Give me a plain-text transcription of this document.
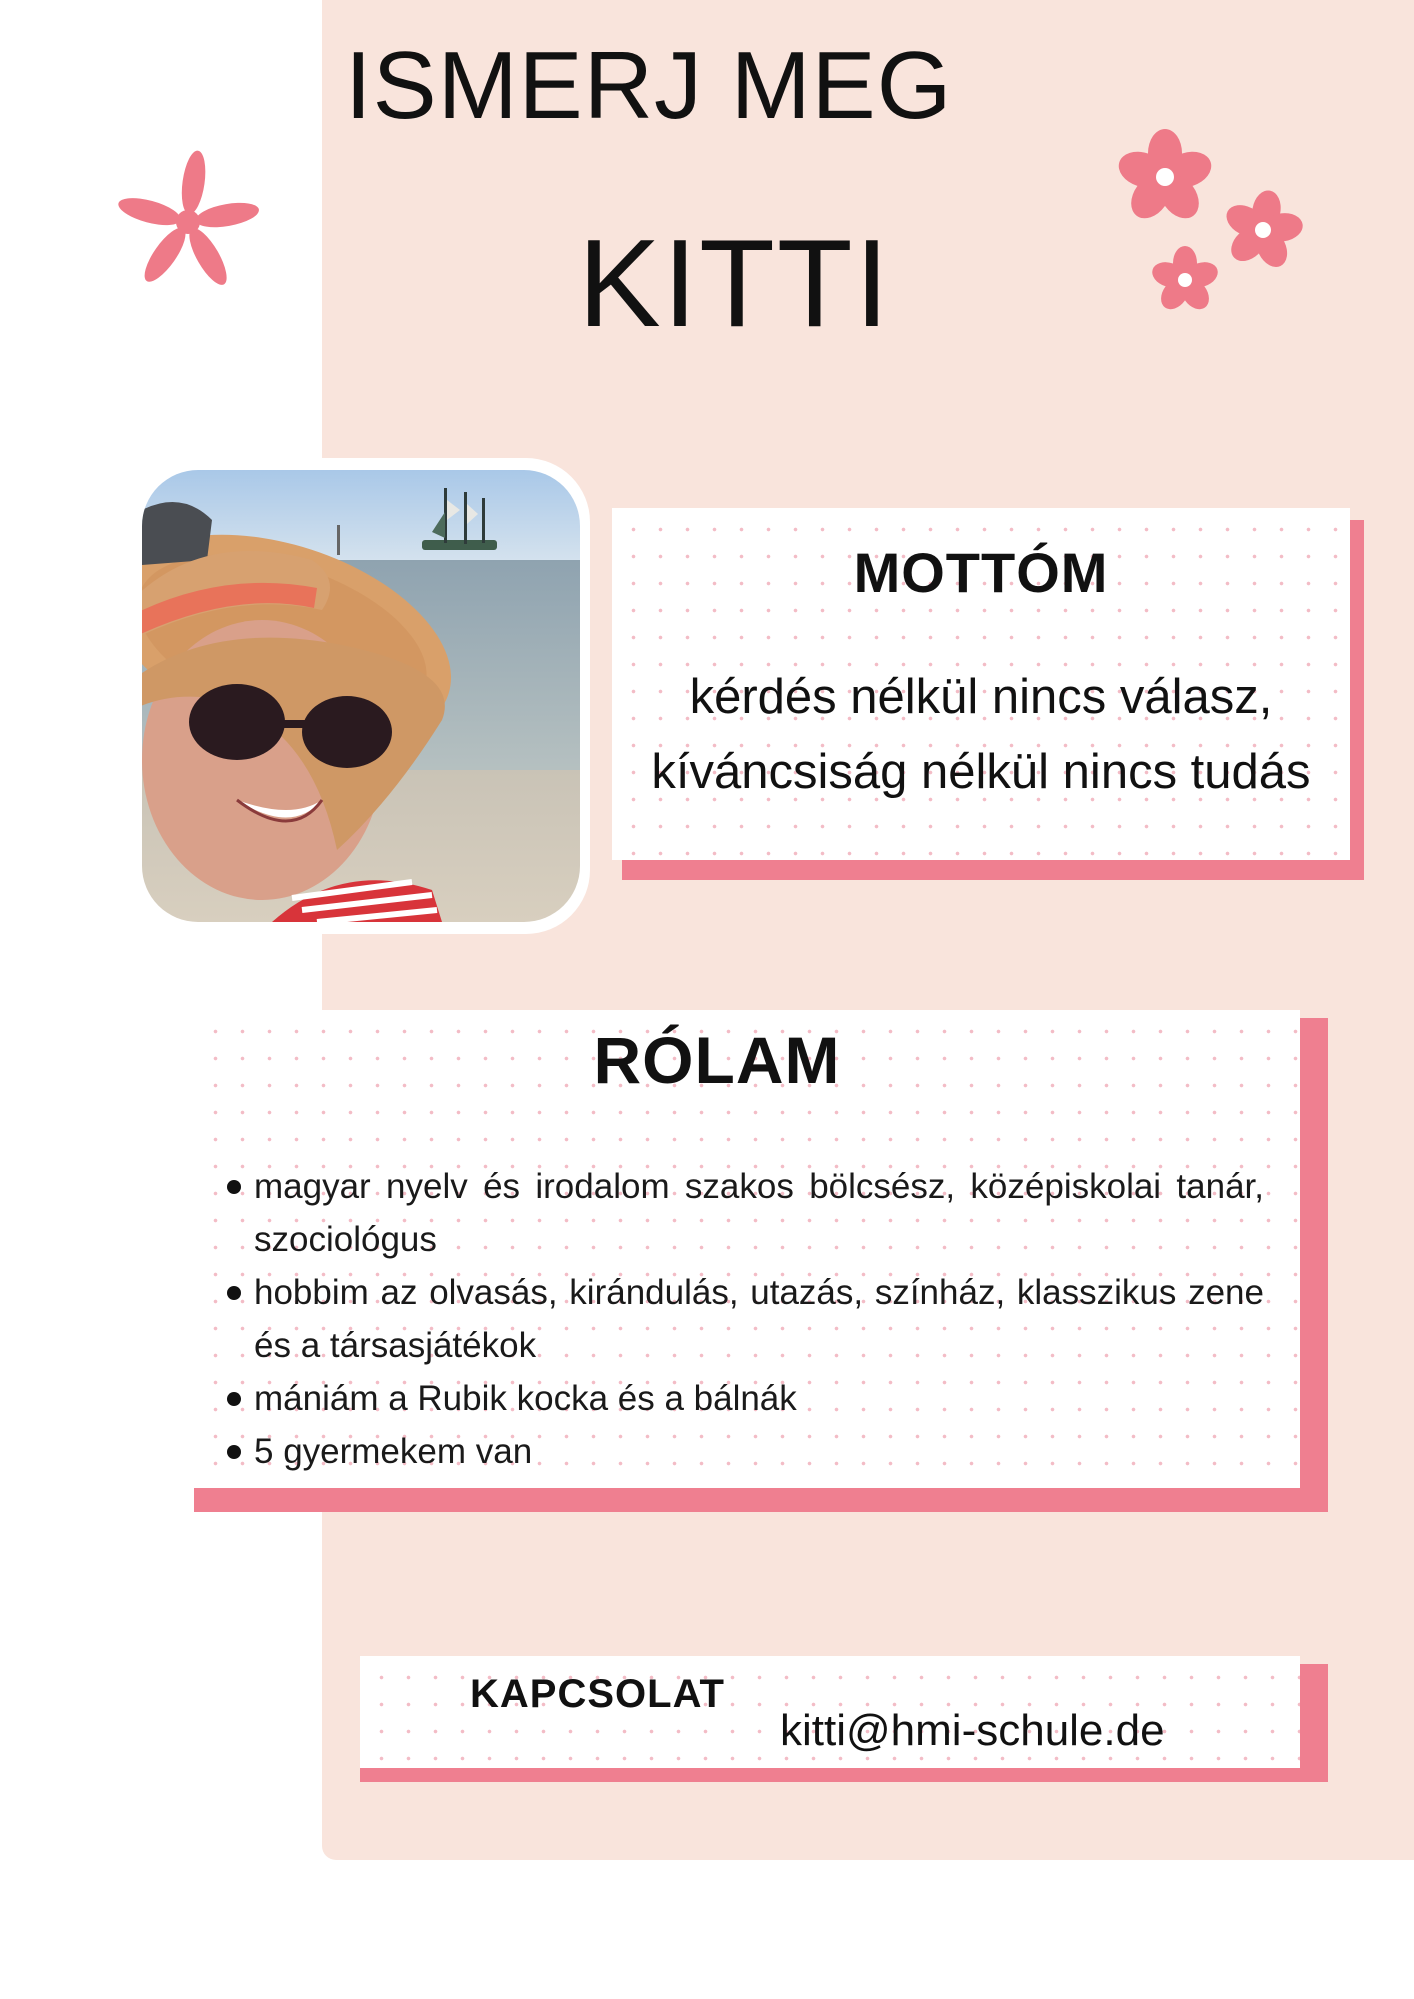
ISMERJ MEG
KITTI
MOTTÓM
kérdés nélkül nincs válasz,
kíváncsiság nélkül nincs tudás
RÓLAM
magyar nyelv és irodalom szakos bölcsész, középiskolai tanár, szociológus
hobbim az olvasás, kirándulás, utazás, színház, klasszikus zene és a társasjátékok
mániám a Rubik kocka és a bálnák
5 gyermekem van
KAPCSOLAT
kitti@hmi-schule.de
